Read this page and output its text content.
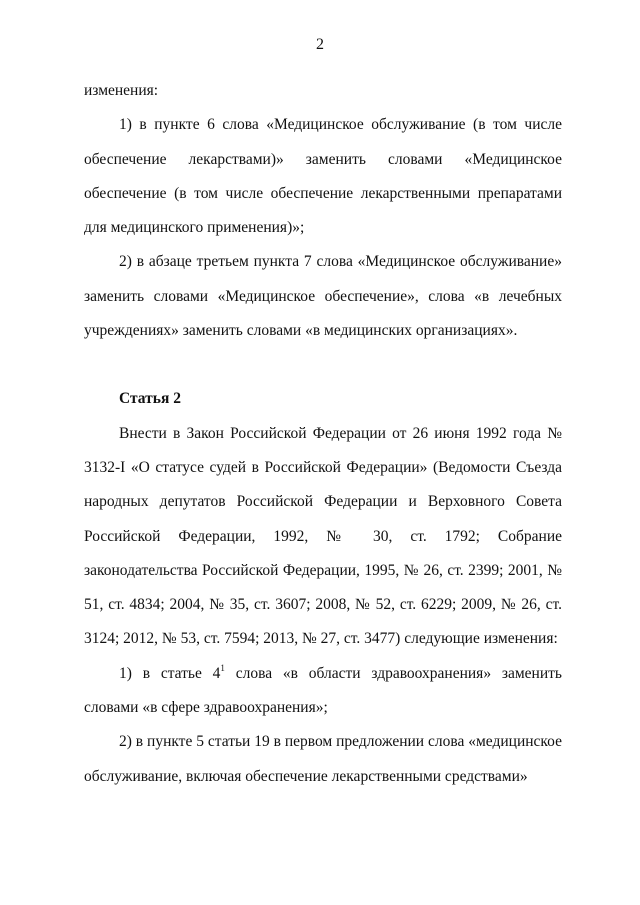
2

изменения:

1) в пункте 6 слова «Медицинское обслуживание (в том числе обеспечение лекарствами)» заменить словами «Медицинское обеспечение (в том числе обеспечение лекарственными препаратами для медицинского применения)»;

2) в абзаце третьем пункта 7 слова «Медицинское обслуживание» заменить словами «Медицинское обеспечение», слова «в лечебных учреждениях» заменить словами «в медицинских организациях».

Статья 2

Внести в Закон Российской Федерации от 26 июня 1992 года № 3132-I «О статусе судей в Российской Федерации» (Ведомости Съезда народных депутатов Российской Федерации и Верховного Совета Российской Федерации, 1992, № 30, ст. 1792; Собрание законодательства Российской Федерации, 1995, № 26, ст. 2399; 2001, № 51, ст. 4834; 2004, № 35, ст. 3607; 2008, № 52, ст. 6229; 2009, № 26, ст. 3124; 2012, № 53, ст. 7594; 2013, № 27, ст. 3477) следующие изменения:

1) в статье $4^1$ слова «в области здравоохранения» заменить словами «в сфере здравоохранения»;

2) в пункте 5 статьи 19 в первом предложении слова «медицинское обслуживание, включая обеспечение лекарственными средствами»
